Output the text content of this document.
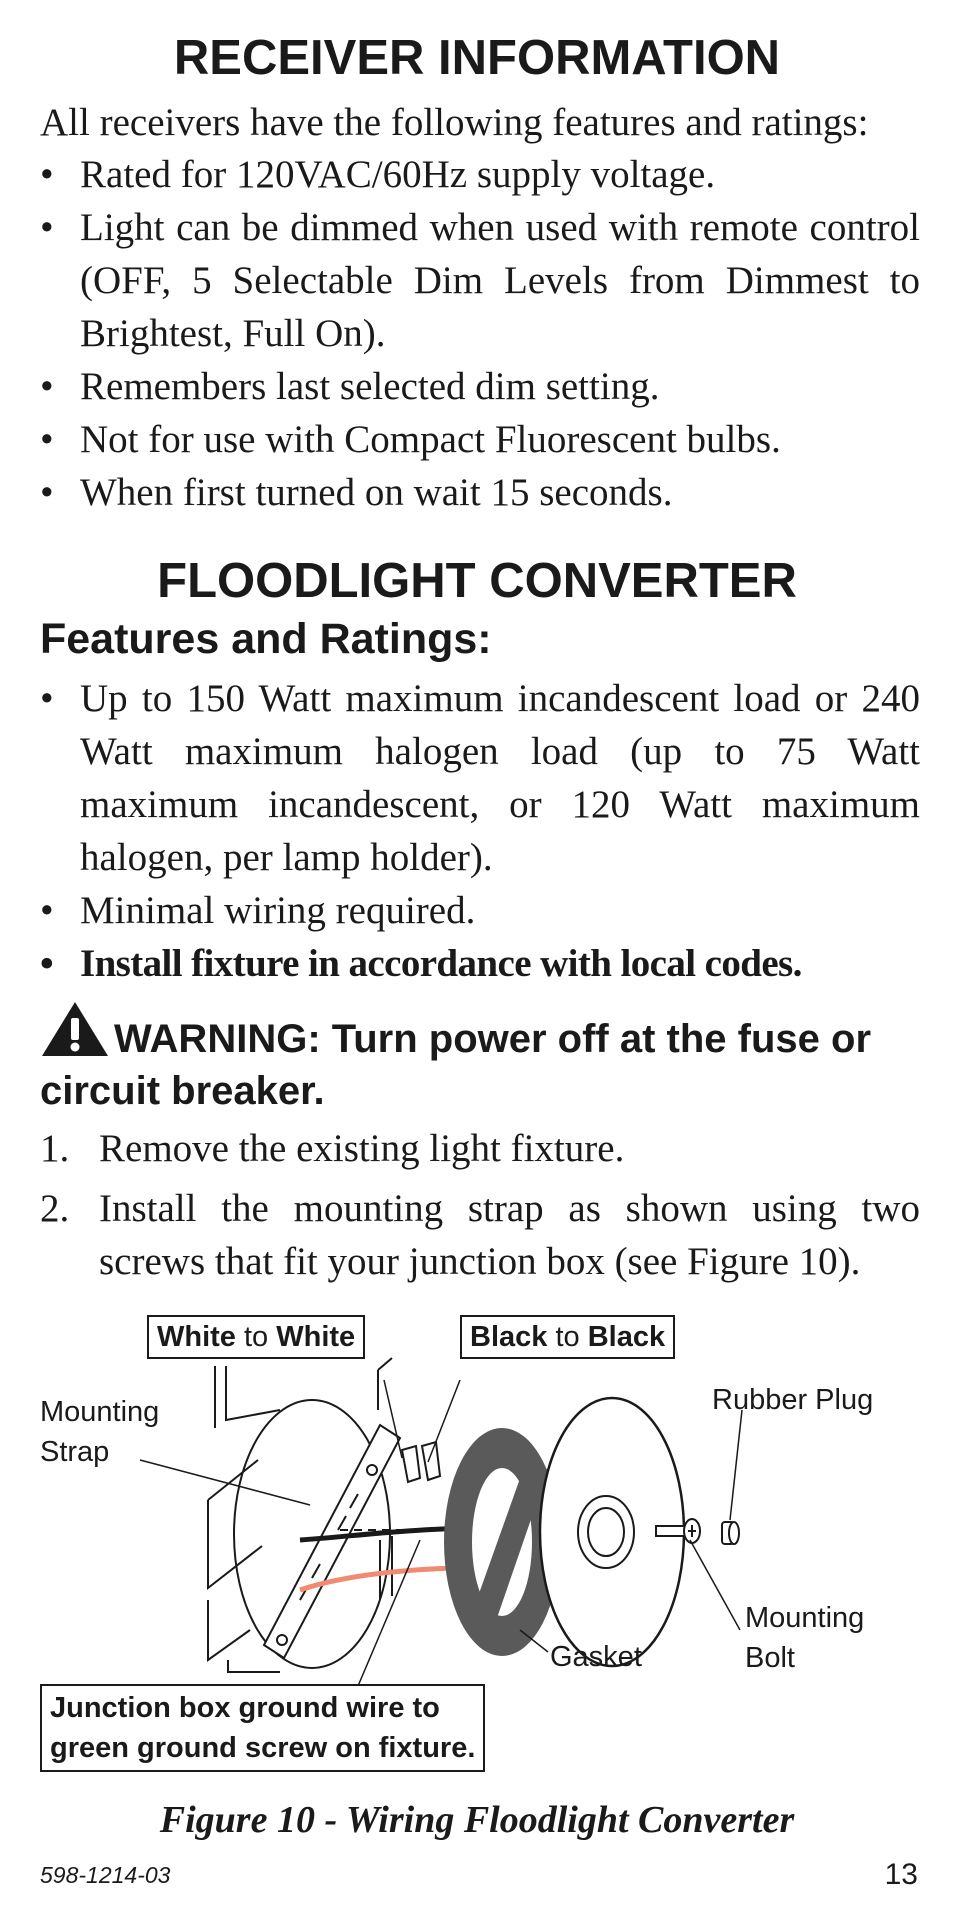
RECEIVER INFORMATION
All receivers have the following features and ratings:
• Rated for 120VAC/60Hz supply voltage.
• Light can be dimmed when used with remote control (OFF, 5 Selectable Dim Levels from Dimmest to Brightest, Full On).
• Remembers last selected dim setting.
• Not for use with Compact Fluorescent bulbs.
• When first turned on wait 15 seconds.
FLOODLIGHT CONVERTER
Features and Ratings:
• Up to 150 Watt maximum incandescent load or 240 Watt maximum halogen load (up to 75 Watt maximum incandescent, or 120 Watt maximum halogen, per lamp holder).
• Minimal wiring required.
• Install fixture in accordance with local codes.
WARNING: Turn power off at the fuse or circuit breaker.
1. Remove the existing light fixture.
2. Install the mounting strap as shown using two screws that fit your junction box (see Figure 10).
White to White	Black to Black
Mounting
Strap
Rubber Plug
Mounting
Bolt
Gasket
Junction box ground wire to
green ground screw on fixture.
Figure 10 - Wiring Floodlight Converter
598-1214-03	13
